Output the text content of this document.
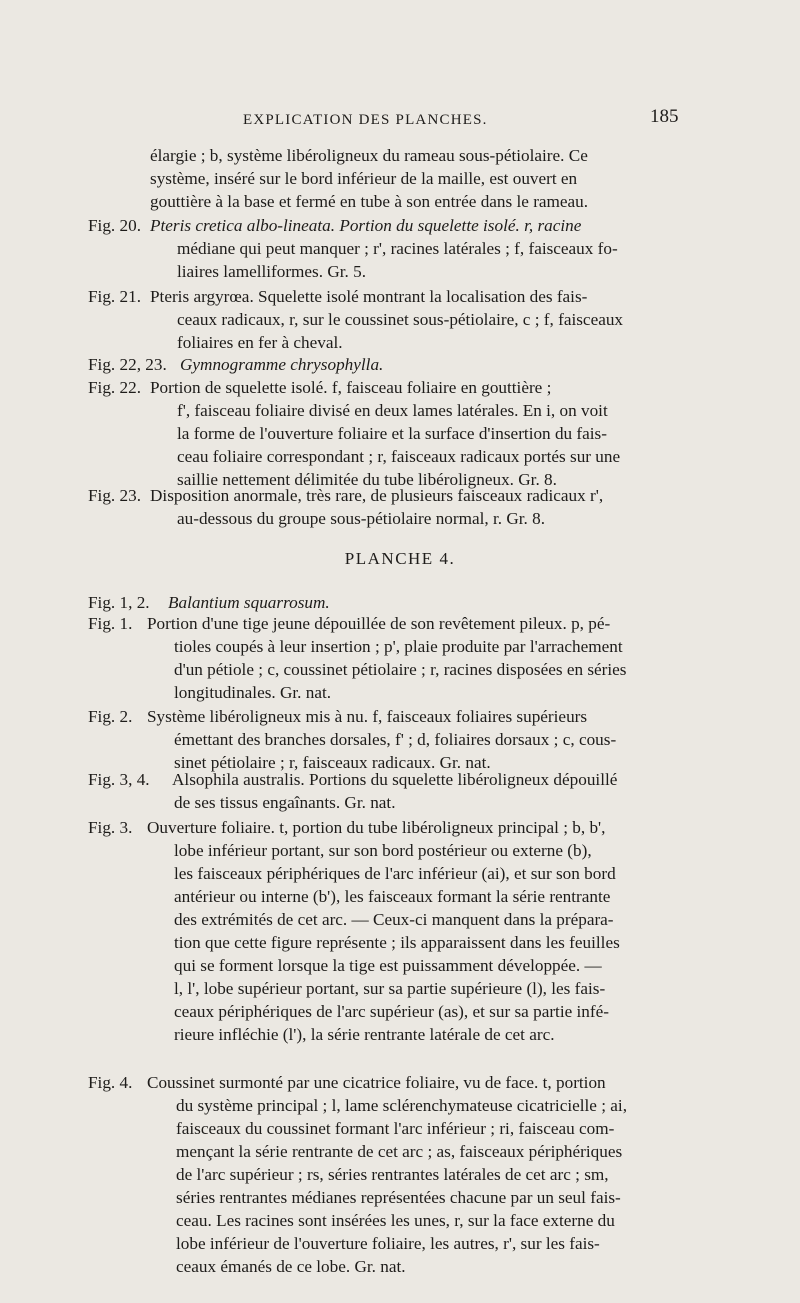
EXPLICATION DES PLANCHES.	185
élargie ; b, système libéroligneux du rameau sous-pétiolaire. Ce
système, inséré sur le bord inférieur de la maille, est ouvert en
gouttière à la base et fermé en tube à son entrée dans le rameau.
Fig. 20. Pteris cretica albo-lineata. Portion du squelette isolé. r, racine
médiane qui peut manquer ; r', racines latérales ; f, faisceaux fo-
liaires lamelliformes. Gr. 5.
Fig. 21. Pteris argyrœa. Squelette isolé montrant la localisation des fais-
ceaux radicaux, r, sur le coussinet sous-pétiolaire, c ; f, faisceaux
foliaires en fer à cheval.
Fig. 22, 23. Gymnogramme chrysophylla.
Fig. 22. Portion de squelette isolé. f, faisceau foliaire en gouttière ;
f', faisceau foliaire divisé en deux lames latérales. En i, on voit
la forme de l'ouverture foliaire et la surface d'insertion du fais-
ceau foliaire correspondant ; r, faisceaux radicaux portés sur une
saillie nettement délimitée du tube libéroligneux. Gr. 8.
Fig. 23. Disposition anormale, très rare, de plusieurs faisceaux radicaux r',
au-dessous du groupe sous-pétiolaire normal, r. Gr. 8.
PLANCHE 4.
Fig. 1, 2. Balantium squarrosum.
Fig. 1. Portion d'une tige jeune dépouillée de son revêtement pileux. p, pé-
tioles coupés à leur insertion ; p', plaie produite par l'arrachement
d'un pétiole ; c, coussinet pétiolaire ; r, racines disposées en séries
longitudinales. Gr. nat.
Fig. 2. Système libéroligneux mis à nu. f, faisceaux foliaires supérieurs
émettant des branches dorsales, f' ; d, foliaires dorsaux ; c, cous-
sinet pétiolaire ; r, faisceaux radicaux. Gr. nat.
Fig. 3, 4. Alsophila australis. Portions du squelette libéroligneux dépouillé
de ses tissus engaînants. Gr. nat.
Fig. 3. Ouverture foliaire. t, portion du tube libéroligneux principal ; b, b',
lobe inférieur portant, sur son bord postérieur ou externe (b),
les faisceaux périphériques de l'arc inférieur (ai), et sur son bord
antérieur ou interne (b'), les faisceaux formant la série rentrante
des extrémités de cet arc. — Ceux-ci manquent dans la prépara-
tion que cette figure représente ; ils apparaissent dans les feuilles
qui se forment lorsque la tige est puissamment développée. —
l, l', lobe supérieur portant, sur sa partie supérieure (l), les fais-
ceaux périphériques de l'arc supérieur (as), et sur sa partie infé-
rieure infléchie (l'), la série rentrante latérale de cet arc.
Fig. 4. Coussinet surmonté par une cicatrice foliaire, vu de face. t, portion
du système principal ; l, lame sclérenchymateuse cicatricielle ; ai,
faisceaux du coussinet formant l'arc inférieur ; ri, faisceau com-
mençant la série rentrante de cet arc ; as, faisceaux périphériques
de l'arc supérieur ; rs, séries rentrantes latérales de cet arc ; sm,
séries rentrantes médianes représentées chacune par un seul fais-
ceau. Les racines sont insérées les unes, r, sur la face externe du
lobe inférieur de l'ouverture foliaire, les autres, r', sur les fais-
ceaux émanés de ce lobe. Gr. nat.
